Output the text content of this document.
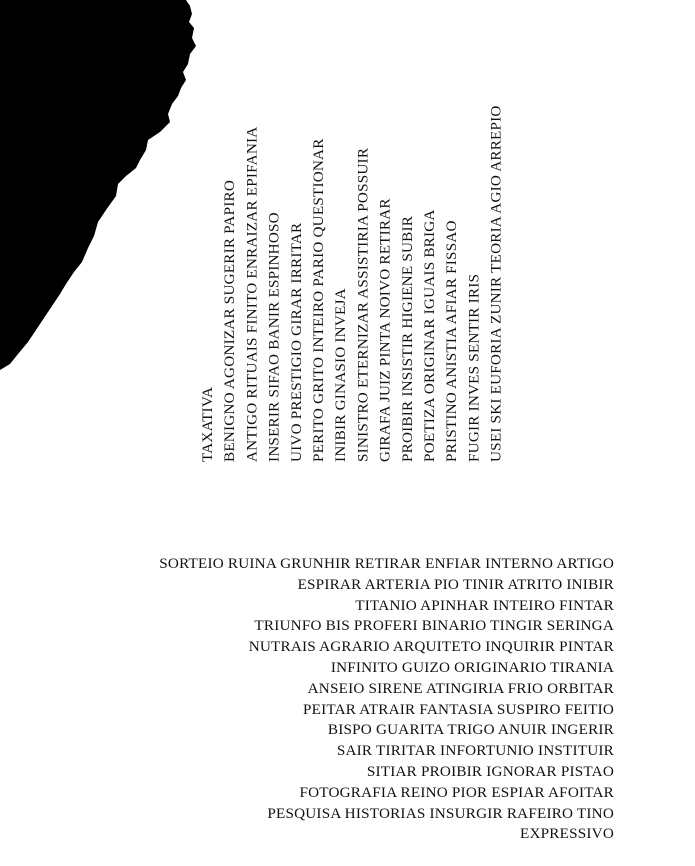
TAXATIVA BENIGNO AGONIZAR SUGERIR PAPIRO ANTIGO RITUAIS FINITO ENRAIZAR EPIFANIA INSERIR SIFAO BANIR ESPINHOSO UIVO PRESTIGIO GIRAR IRRITAR PERITO GRITO INTEIRO PARIO QUESTIONAR INIBIR GINASIO INVEJA SINISTRO ETERNIZAR ASSISTIRIA POSSUIR GIRAFA JUIZ PINTA NOIVO RETIRAR PROIBIR INSISTIR HIGIENE SUBIR POETIZA ORIGINAR IGUAIS BRIGA PRISTINO ANISTIA AFIAR FISSAO FUGIR INVES SENTIR IRIS USEI SKI EUFORIA ZUNIR TEORIA AGIO ARREPIO
SORTEIO RUINA GRUNHIR RETIRAR ENFIAR INTERNO ARTIGO
ESPIRAR ARTERIA PIO TINIR ATRITO INIBIR
TITANIO APINHAR INTEIRO FINTAR
TRIUNFO BIS PROFERI BINARIO TINGIR SERINGA
NUTRAIS AGRARIO ARQUITETO INQUIRIR PINTAR
INFINITO GUIZO ORIGINARIO TIRANIA
ANSEIO SIRENE ATINGIRIA FRIO ORBITAR
PEITAR ATRAIR FANTASIA SUSPIRO FEITIO
BISPO GUARITA TRIGO ANUIR INGERIR
SAIR TIRITAR INFORTUNIO INSTITUIR
SITIAR PROIBIR IGNORAR PISTAO
FOTOGRAFIA REINO PIOR ESPIAR AFOITAR
PESQUISA HISTORIAS INSURGIR RAFEIRO TINO
EXPRESSIVO
